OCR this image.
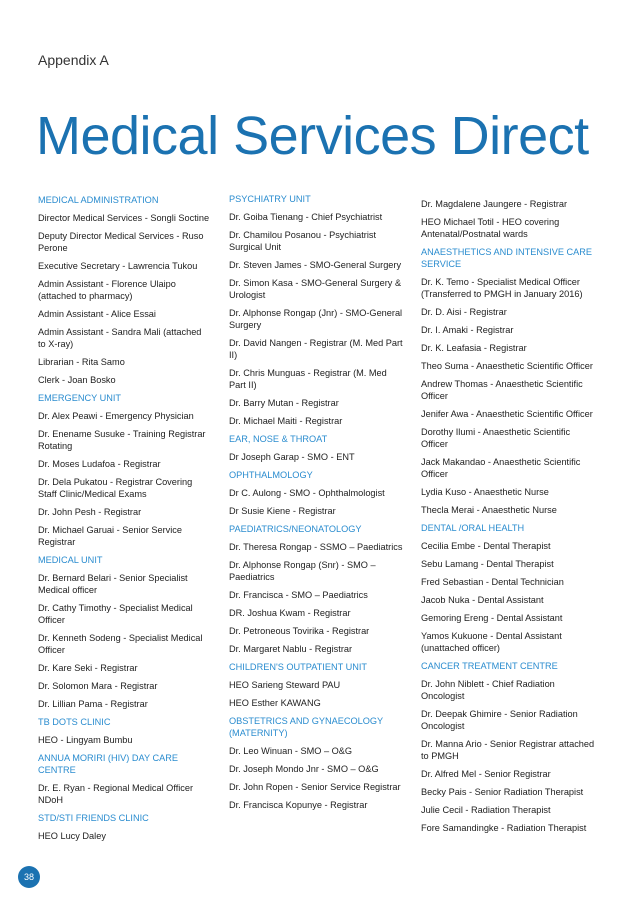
Appendix A
Medical Services Direct
MEDICAL ADMINISTRATION
Director Medical Services - Songli Soctine
Deputy Director Medical Services - Ruso Perone
Executive Secretary - Lawrencia Tukou
Admin Assistant - Florence Ulaipo (attached to pharmacy)
Admin Assistant - Alice Essai
Admin Assistant - Sandra Mali (attached to X-ray)
Librarian - Rita Samo
Clerk - Joan Bosko
EMERGENCY UNIT
Dr. Alex Peawi - Emergency Physician
Dr. Enename Susuke - Training Registrar Rotating
Dr. Moses Ludafoa - Registrar
Dr. Dela Pukatou - Registrar Covering Staff Clinic/Medical Exams
Dr. John Pesh - Registrar
Dr. Michael Garuai - Senior Service Registrar
MEDICAL UNIT
Dr. Bernard Belari - Senior Specialist Medical officer
Dr. Cathy Timothy - Specialist Medical Officer
Dr. Kenneth Sodeng - Specialist Medical Officer
Dr. Kare Seki - Registrar
Dr. Solomon Mara - Registrar
Dr. Lillian Pama - Registrar
TB DOTS CLINIC
HEO - Lingyam Bumbu
ANNUA MORIRI (HIV) DAY CARE CENTRE
Dr. E. Ryan - Regional Medical Officer NDoH
STD/STI FRIENDS CLINIC
HEO Lucy Daley
PSYCHIATRY UNIT
Dr. Goiba Tienang - Chief Psychiatrist
Dr. Chamilou Posanou - Psychiatrist Surgical Unit
Dr. Steven James - SMO-General Surgery
Dr. Simon Kasa - SMO-General Surgery & Urologist
Dr. Alphonse Rongap (Jnr) - SMO-General Surgery
Dr. David Nangen - Registrar (M. Med Part II)
Dr. Chris Munguas - Registrar (M. Med Part II)
Dr. Barry Mutan - Registrar
Dr. Michael Maiti - Registrar
EAR, NOSE & THROAT
Dr Joseph Garap - SMO - ENT
OPHTHALMOLOGY
Dr C. Aulong - SMO - Ophthalmologist
Dr Susie Kiene - Registrar
PAEDIATRICS/NEONATOLOGY
Dr. Theresa Rongap - SSMO – Paediatrics
Dr. Alphonse Rongap (Snr) - SMO – Paediatrics
Dr. Francisca - SMO – Paediatrics
DR. Joshua Kwam - Registrar
Dr. Petroneous Tovirika - Registrar
Dr. Margaret Nablu - Registrar
CHILDREN'S OUTPATIENT UNIT
HEO Sarieng Steward PAU
HEO Esther KAWANG
OBSTETRICS AND GYNAECOLOGY (MATERNITY)
Dr. Leo Winuan - SMO – O&G
Dr. Joseph Mondo Jnr - SMO – O&G
Dr. John Ropen - Senior Service Registrar
Dr. Francisca Kopunye - Registrar
Dr. Magdalene Jaungere - Registrar
HEO Michael Totil - HEO covering Antenatal/Postnatal wards
ANAESTHETICS AND INTENSIVE CARE SERVICE
Dr. K. Temo - Specialist Medical Officer (Transferred to PMGH in January 2016)
Dr. D. Aisi - Registrar
Dr. I. Amaki - Registrar
Dr. K. Leafasia - Registrar
Theo Suma - Anaesthetic Scientific Officer
Andrew Thomas - Anaesthetic Scientific Officer
Jenifer Awa - Anaesthetic Scientific Officer
Dorothy Ilumi - Anaesthetic Scientific Officer
Jack Makandao - Anaesthetic Scientific Officer
Lydia Kuso - Anaesthetic Nurse
Thecla Merai - Anaesthetic Nurse
DENTAL /ORAL HEALTH
Cecilia Embe - Dental Therapist
Sebu Lamang - Dental Therapist
Fred Sebastian - Dental Technician
Jacob Nuka - Dental Assistant
Gemoring Ereng - Dental Assistant
Yamos Kukuone - Dental Assistant (unattached officer)
CANCER TREATMENT CENTRE
Dr. John Niblett - Chief Radiation Oncologist
Dr. Deepak Ghimire - Senior Radiation Oncologist
Dr. Manna Ario - Senior Registrar attached to PMGH
Dr. Alfred Mel - Senior Registrar
Becky Pais - Senior Radiation Therapist
Julie Cecil - Radiation Therapist
Fore Samandingke - Radiation Therapist
38
